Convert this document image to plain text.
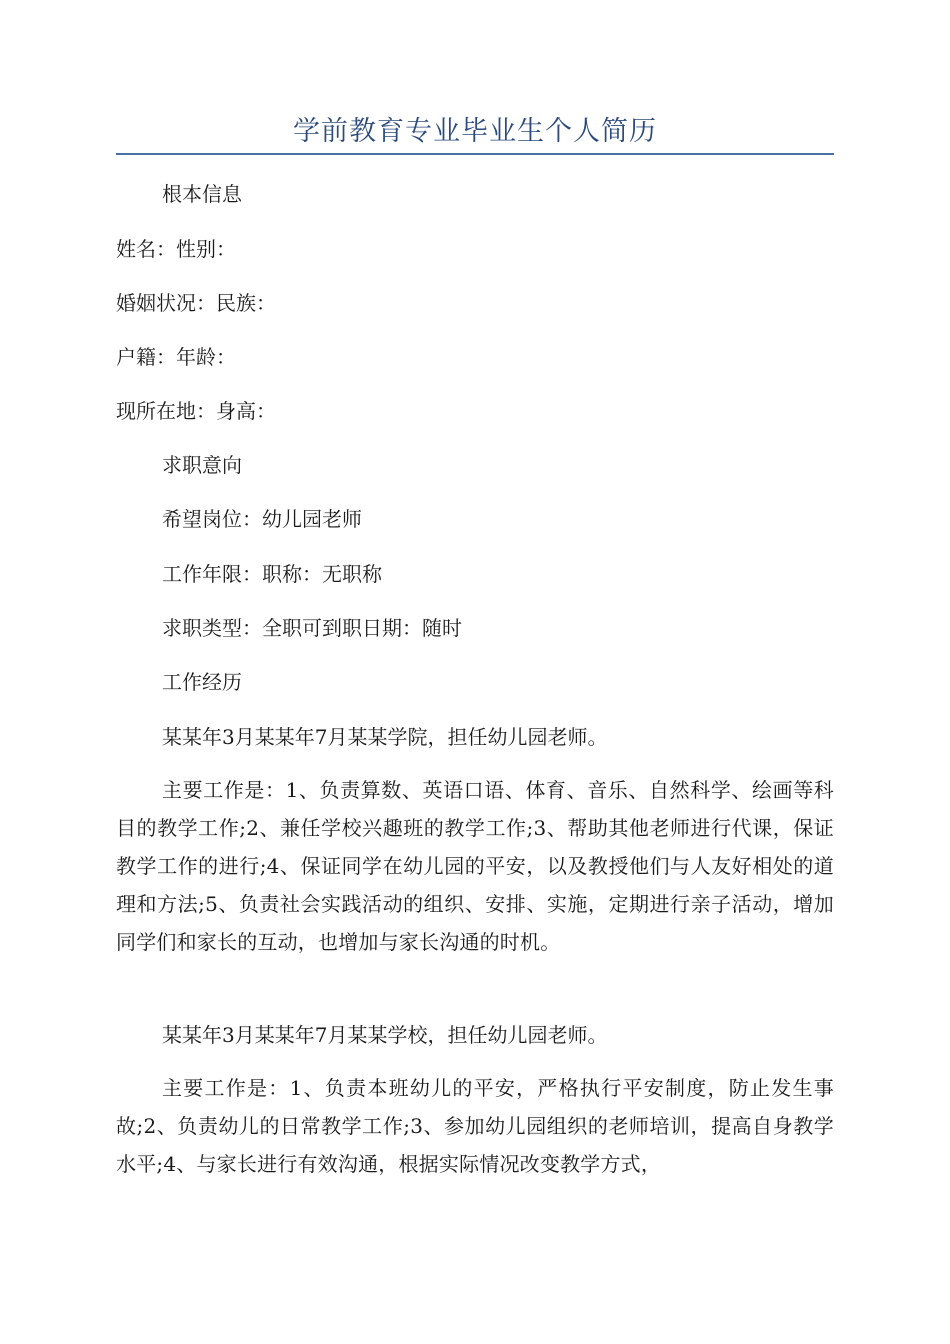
学前教育专业毕业生个人简历
根本信息
姓名：性别：
婚姻状况：民族：
户籍：年龄：
现所在地：身高：
求职意向
希望岗位：幼儿园老师
工作年限：职称：无职称
求职类型：全职可到职日期：随时
工作经历
某某年3月某某年7月某某学院，担任幼儿园老师。
主要工作是：1、负责算数、英语口语、体育、音乐、自然科学、绘画等科目的教学工作;2、兼任学校兴趣班的教学工作;3、帮助其他老师进行代课，保证教学工作的进行;4、保证同学在幼儿园的平安，以及教授他们与人友好相处的道理和方法;5、负责社会实践活动的组织、安排、实施，定期进行亲子活动，增加同学们和家长的互动，也增加与家长沟通的时机。
某某年3月某某年7月某某学校，担任幼儿园老师。
主要工作是：1、负责本班幼儿的平安，严格执行平安制度，防止发生事故;2、负责幼儿的日常教学工作;3、参加幼儿园组织的老师培训，提高自身教学水平;4、与家长进行有效沟通，根据实际情况改变教学方式，
